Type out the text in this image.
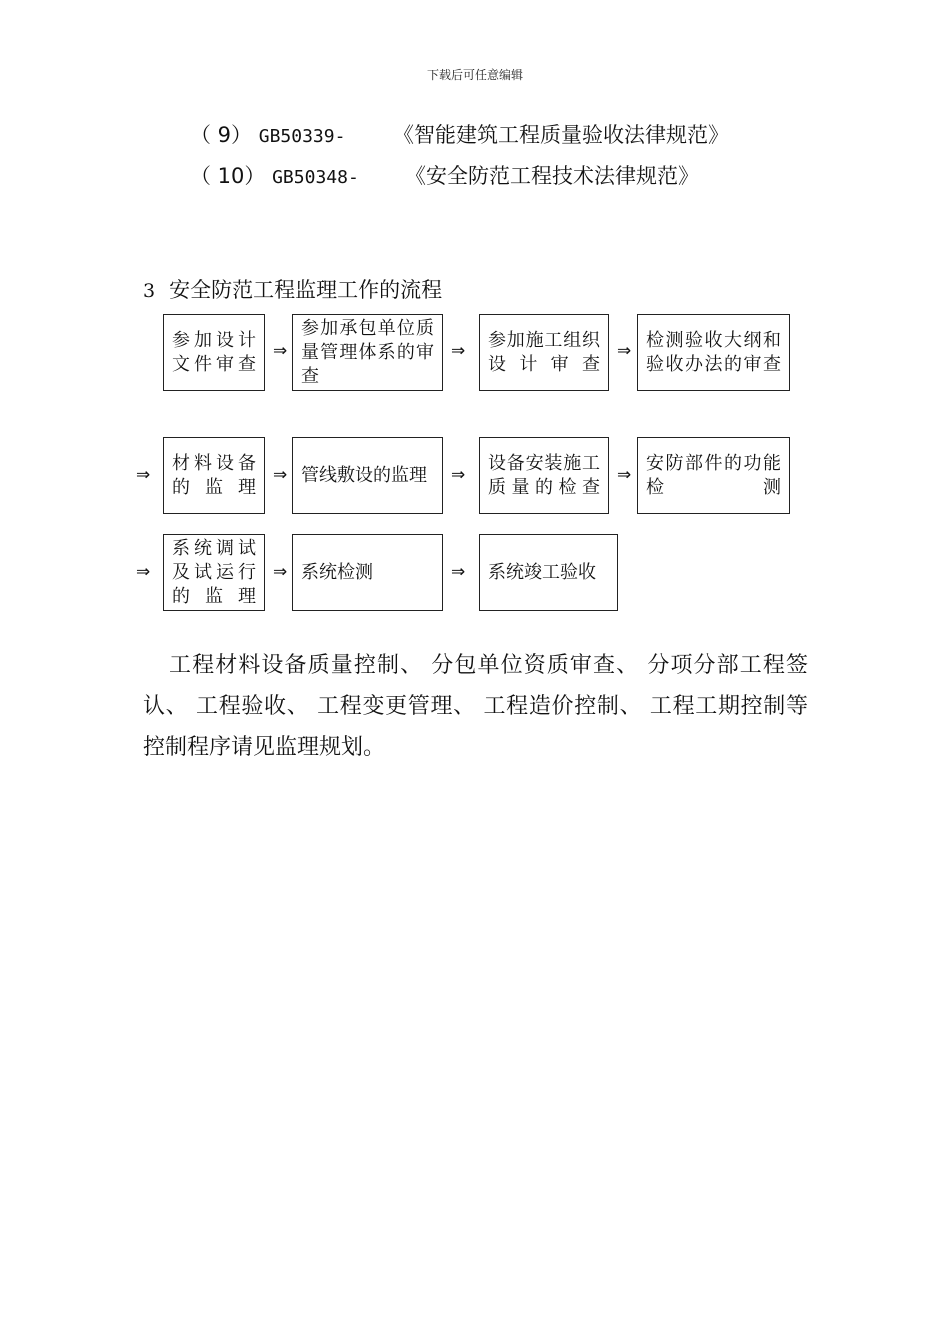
下载后可任意编辑
（ 9） GB50339- 《智能建筑工程质量验收法律规范》
（ 10） GB50348- 《安全防范工程技术法律规范》
3 安全防范工程监理工作的流程
参加设计文件审查
⇒
参加承包单位质量管理体系的审查
⇒
参加施工组织设计审查
⇒
检测验收大纲和验收办法的审查
⇒
材料设备的监理
⇒ 管线敷设的监理	⇒
设备安装施工质量的检查
⇒
安防部件的功能检测
⇒
系统调试及试运行的监理
⇒ 系统检测	⇒ 系统竣工验收
工程材料设备质量控制、 分包单位资质审查、 分项分部工程签认、 工程验收、 工程变更管理、 工程造价控制、 工程工期控制等控制程序请见监理规划。
